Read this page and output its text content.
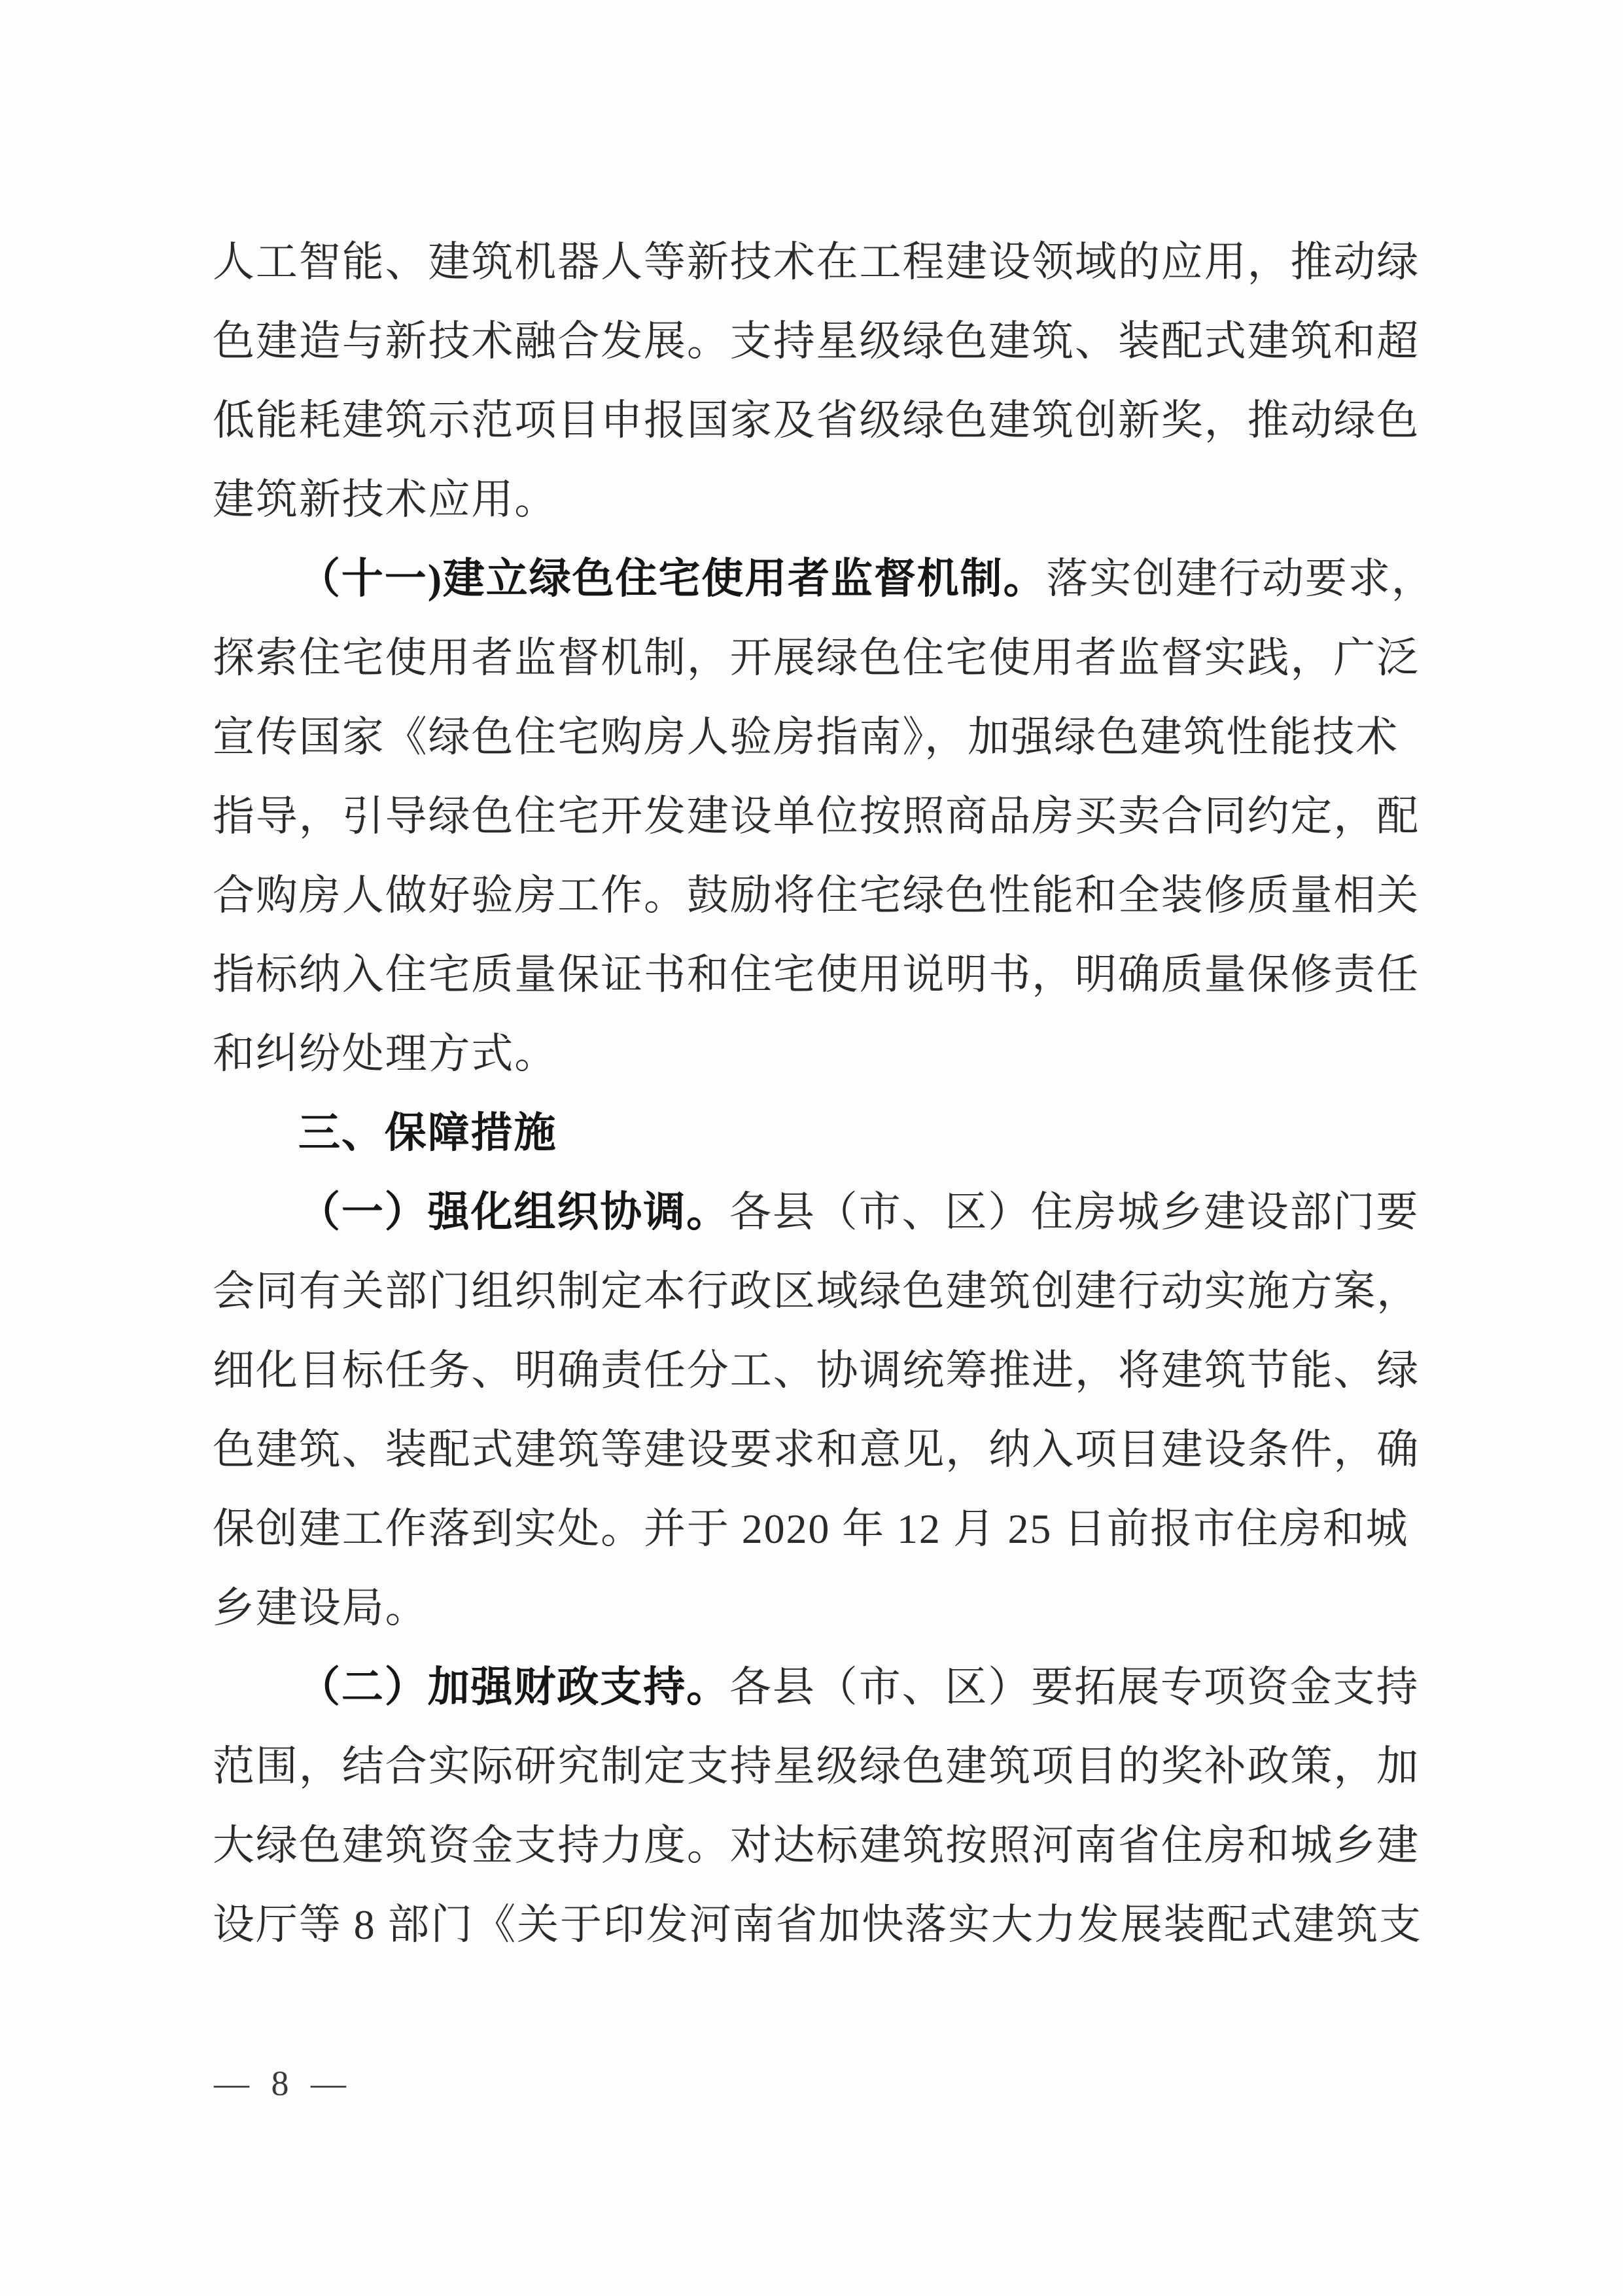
人工智能、建筑机器人等新技术在工程建设领域的应用，推动绿
色建造与新技术融合发展。支持星级绿色建筑、装配式建筑和超
低能耗建筑示范项目申报国家及省级绿色建筑创新奖，推动绿色
建筑新技术应用。
（十一)建立绿色住宅使用者监督机制。落实创建行动要求，
探索住宅使用者监督机制，开展绿色住宅使用者监督实践，广泛
宣传国家《绿色住宅购房人验房指南》，加强绿色建筑性能技术
指导，引导绿色住宅开发建设单位按照商品房买卖合同约定，配
合购房人做好验房工作。鼓励将住宅绿色性能和全装修质量相关
指标纳入住宅质量保证书和住宅使用说明书，明确质量保修责任
和纠纷处理方式。
三、保障措施
（一）强化组织协调。各县（市、区）住房城乡建设部门要
会同有关部门组织制定本行政区域绿色建筑创建行动实施方案，
细化目标任务、明确责任分工、协调统筹推进，将建筑节能、绿
色建筑、装配式建筑等建设要求和意见，纳入项目建设条件，确
保创建工作落到实处。并于 2020 年 12 月 25 日前报市住房和城
乡建设局。
（二）加强财政支持。各县（市、区）要拓展专项资金支持
范围，结合实际研究制定支持星级绿色建筑项目的奖补政策，加
大绿色建筑资金支持力度。对达标建筑按照河南省住房和城乡建
设厅等 8 部门《关于印发河南省加快落实大力发展装配式建筑支
— 8 —
